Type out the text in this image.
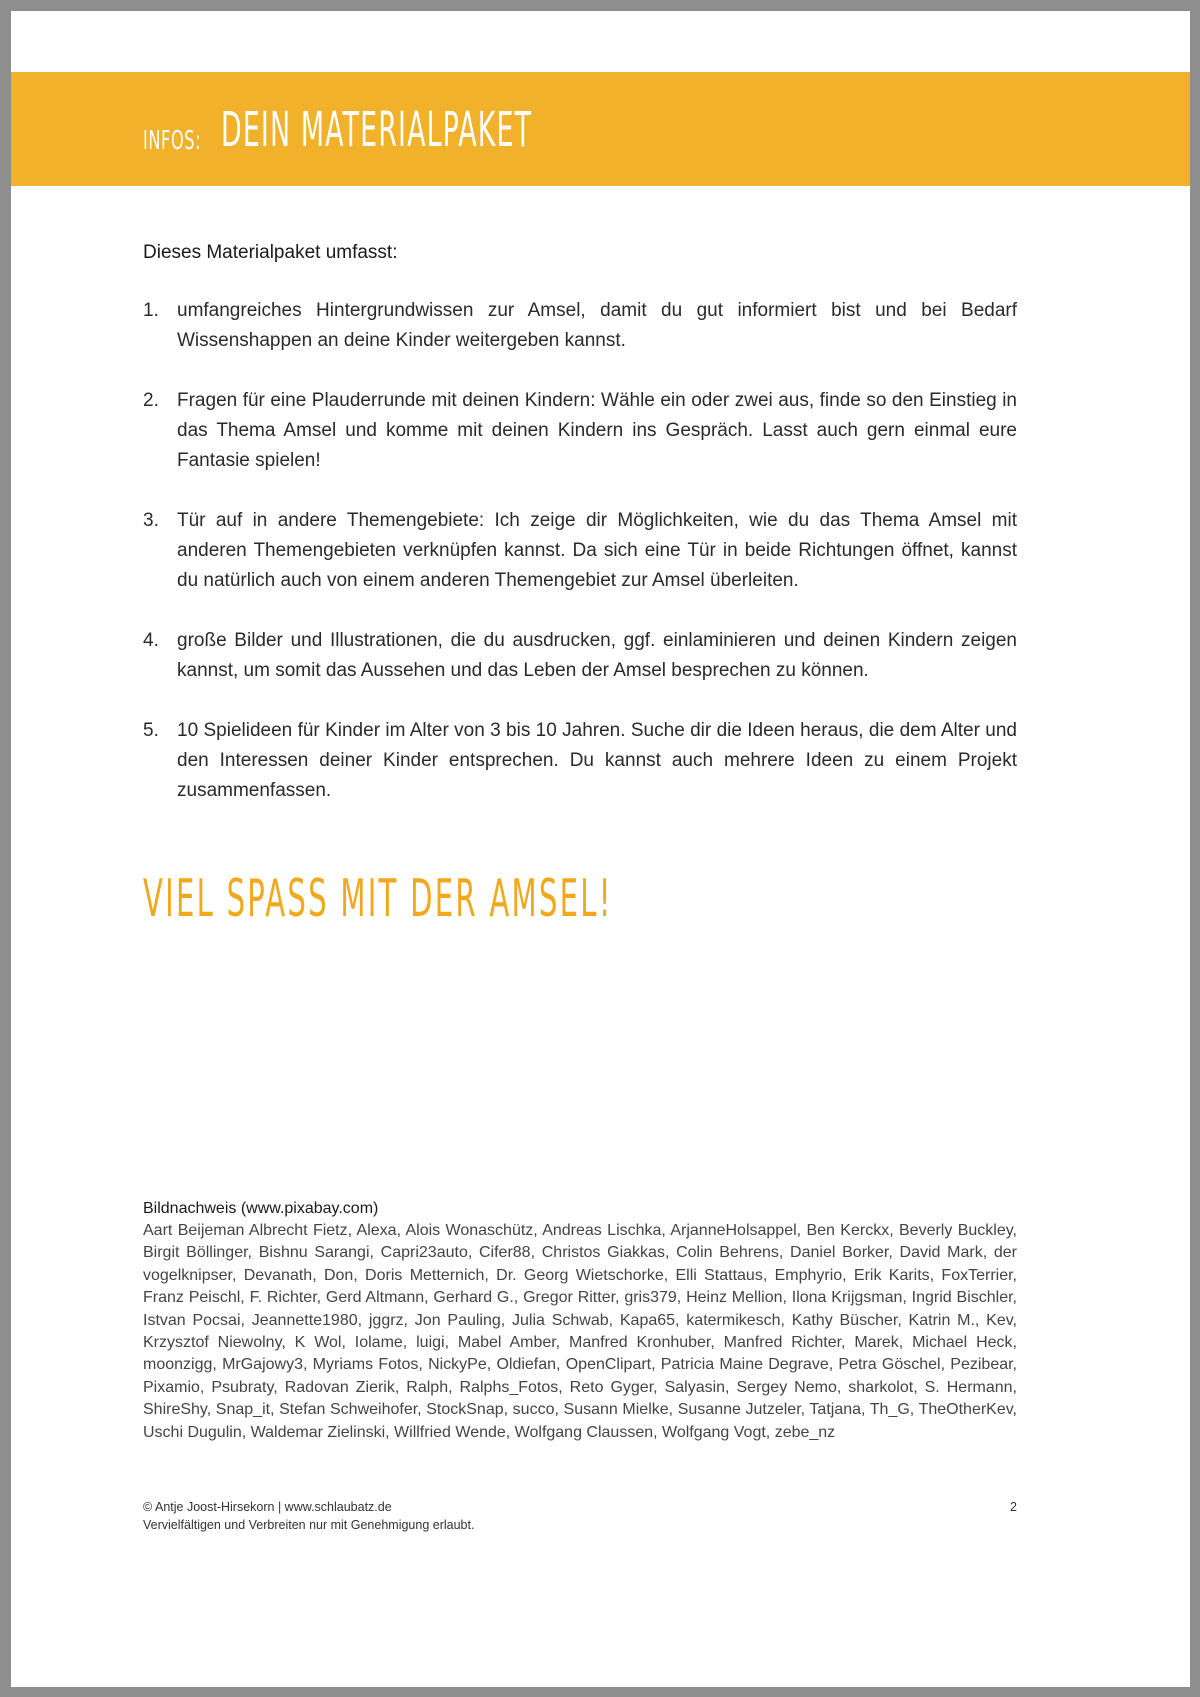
INFOS: DEIN MATERIALPAKET
Dieses Materialpaket umfasst:
1. umfangreiches Hintergrundwissen zur Amsel, damit du gut informiert bist und bei Bedarf Wissenshappen an deine Kinder weitergeben kannst.
2. Fragen für eine Plauderrunde mit deinen Kindern: Wähle ein oder zwei aus, finde so den Einstieg in das Thema Amsel und komme mit deinen Kindern ins Gespräch. Lasst auch gern einmal eure Fantasie spielen!
3. Tür auf in andere Themengebiete: Ich zeige dir Möglichkeiten, wie du das Thema Amsel mit anderen Themengebieten verknüpfen kannst. Da sich eine Tür in beide Richtungen öffnet, kannst du natürlich auch von einem anderen Themengebiet zur Amsel überleiten.
4. große Bilder und Illustrationen, die du ausdrucken, ggf. einlaminieren und deinen Kindern zeigen kannst, um somit das Aussehen und das Leben der Amsel besprechen zu können.
5. 10 Spielideen für Kinder im Alter von 3 bis 10 Jahren. Suche dir die Ideen heraus, die dem Alter und den Interessen deiner Kinder entsprechen. Du kannst auch mehrere Ideen zu einem Projekt zusammenfassen.
VIEL SPASS MIT DER AMSEL!
Bildnachweis (www.pixabay.com)
Aart Beijeman Albrecht Fietz, Alexa, Alois Wonaschütz, Andreas Lischka, ArjanneHolsappel, Ben Kerckx, Beverly Buckley, Birgit Böllinger, Bishnu Sarangi, Capri23auto, Cifer88, Christos Giakkas, Colin Behrens, Daniel Borker, David Mark, der vogelknipser, Devanath, Don, Doris Metternich, Dr. Georg Wietschorke, Elli Stattaus, Emphyrio, Erik Karits, FoxTerrier, Franz Peischl, F. Richter, Gerd Altmann, Gerhard G., Gregor Ritter, gris379, Heinz Mellion, Ilona Krijgsman, Ingrid Bischler, Istvan Pocsai, Jeannette1980, jggrz, Jon Pauling, Julia Schwab, Kapa65, katermikesch, Kathy Büscher, Katrin M., Kev, Krzysztof Niewolny, K Wol, Iolame, luigi, Mabel Amber, Manfred Kronhuber, Manfred Richter, Marek, Michael Heck, moonzigg, MrGajowy3, Myriams Fotos, NickyPe, Oldiefan, OpenClipart, Patricia Maine Degrave, Petra Göschel, Pezibear, Pixamio, Psubraty, Radovan Zierik, Ralph, Ralphs_Fotos, Reto Gyger, Salyasin, Sergey Nemo, sharkolot, S. Hermann, ShireShy, Snap_it, Stefan Schweihofer, StockSnap, succo, Susann Mielke, Susanne Jutzeler, Tatjana, Th_G, TheOtherKev, Uschi Dugulin, Waldemar Zielinski, Willfried Wende, Wolfgang Claussen, Wolfgang Vogt, zebe_nz
© Antje Joost-Hirsekorn | www.schlaubatz.de
Vervielfältigen und Verbreiten nur mit Genehmigung erlaubt.
2
